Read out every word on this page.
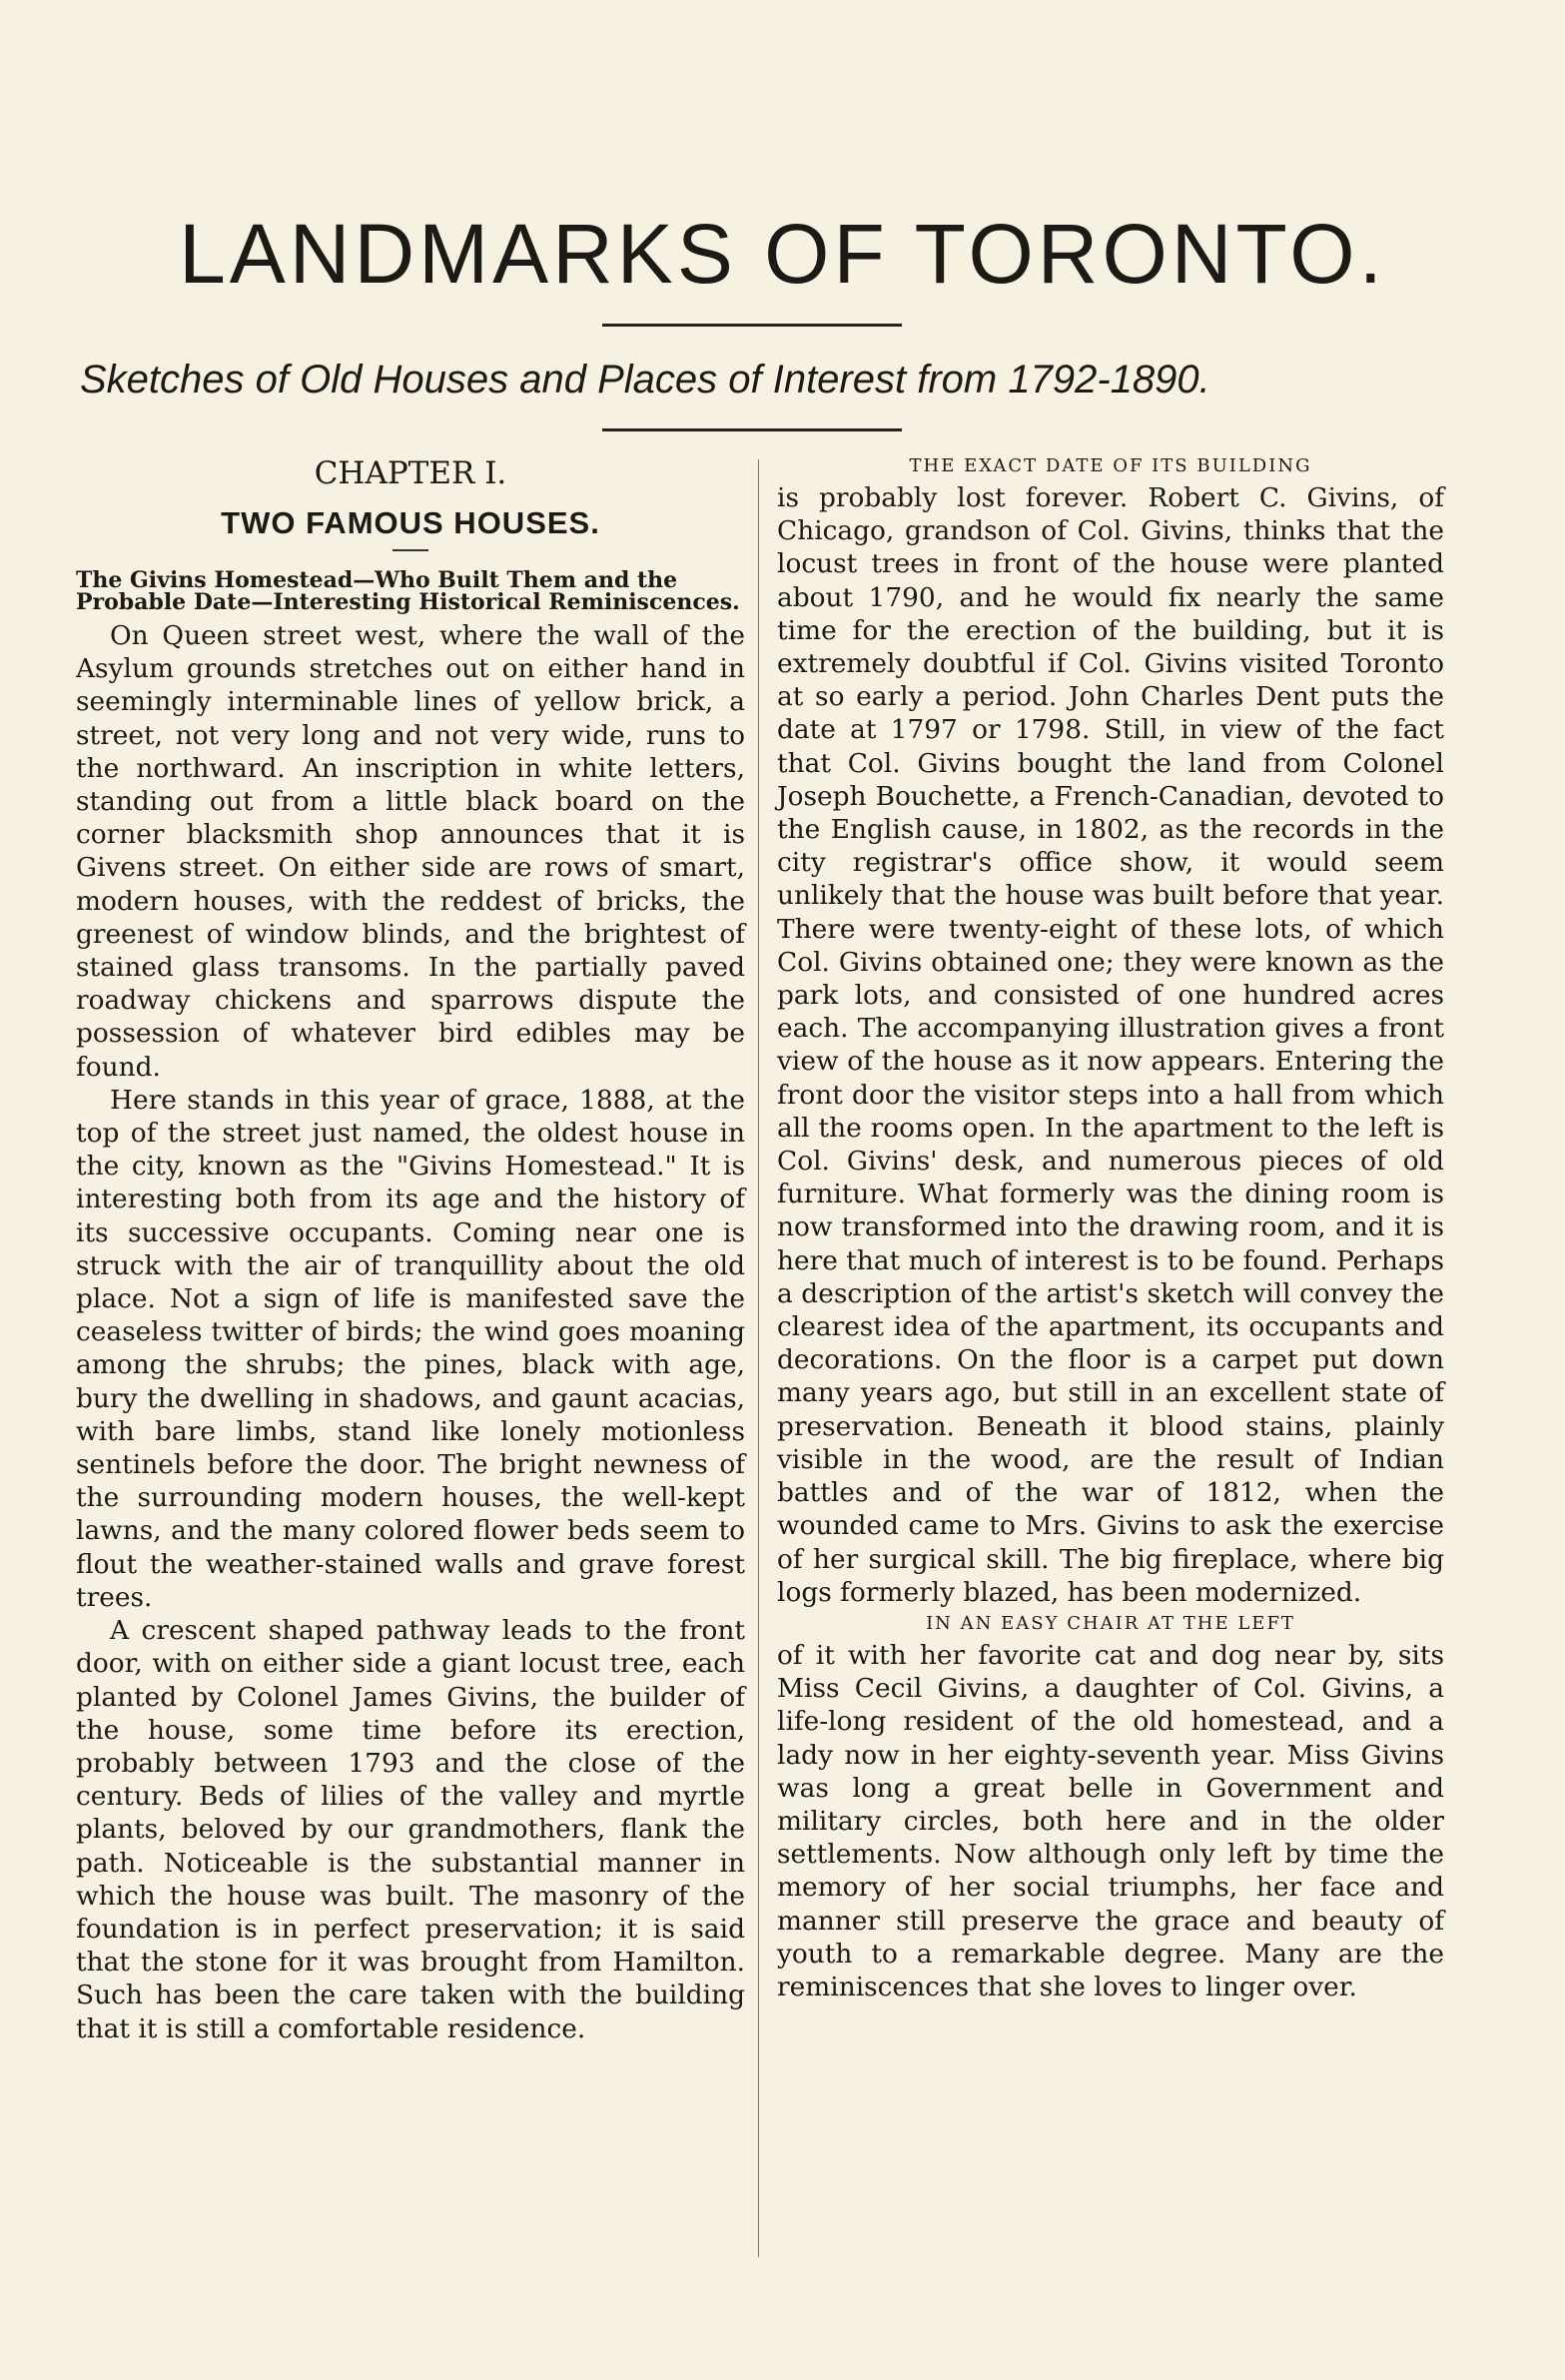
LANDMARKS OF TORONTO.
Sketches of Old Houses and Places of Interest from 1792-1890.
CHAPTER I.
TWO FAMOUS HOUSES.

The Givins Homestead—Who Built Them and the Probable Date—Interesting Historical Reminiscences.

On Queen street west, where the wall of the Asylum grounds stretches out on either hand in seemingly interminable lines of yellow brick, a street, not very long and not very wide, runs to the northward. An inscription in white letters, standing out from a little black board on the corner blacksmith shop announces that it is Givens street. On either side are rows of smart, modern houses, with the reddest of bricks, the greenest of window blinds, and the brightest of stained glass transoms. In the partially paved roadway chickens and sparrows dispute the possession of whatever bird edibles may be found.

Here stands in this year of grace, 1888, at the top of the street just named, the oldest house in the city, known as the "Givins Homestead." It is interesting both from its age and the history of its successive occupants. Coming near one is struck with the air of tranquillity about the old place. Not a sign of life is manifested save the ceaseless twitter of birds; the wind goes moaning among the shrubs; the pines, black with age, bury the dwelling in shadows, and gaunt acacias, with bare limbs, stand like lonely motionless sentinels before the door. The bright newness of the surrounding modern houses, the well-kept lawns, and the many colored flower beds seem to flout the weather-stained walls and grave forest trees.

A crescent shaped pathway leads to the front door, with on either side a giant locust tree, each planted by Colonel James Givins, the builder of the house, some time before its erection, probably between 1793 and the close of the century. Beds of lilies of the valley and myrtle plants, beloved by our grandmothers, flank the path. Noticeable is the substantial manner in which the house was built. The masonry of the foundation is in perfect preservation; it is said that the stone for it was brought from Hamilton. Such has been the care taken with the building that it is still a comfortable residence.

THE EXACT DATE OF ITS BUILDING

is probably lost forever. Robert C. Givins, of Chicago, grandson of Col. Givins, thinks that the locust trees in front of the house were planted about 1790, and he would fix nearly the same time for the erection of the building, but it is extremely doubtful if Col. Givins visited Toronto at so early a period. John Charles Dent puts the date at 1797 or 1798. Still, in view of the fact that Col. Givins bought the land from Colonel Joseph Bouchette, a French-Canadian, devoted to the English cause, in 1802, as the records in the city registrar's office show, it would seem unlikely that the house was built before that year. There were twenty-eight of these lots, of which Col. Givins obtained one; they were known as the park lots, and consisted of one hundred acres each. The accompanying illustration gives a front view of the house as it now appears. Entering the front door the visitor steps into a hall from which all the rooms open. In the apartment to the left is Col. Givins' desk, and numerous pieces of old furniture. What formerly was the dining room is now transformed into the drawing room, and it is here that much of interest is to be found. Perhaps a description of the artist's sketch will convey the clearest idea of the apartment, its occupants and decorations. On the floor is a carpet put down many years ago, but still in an excellent state of preservation. Beneath it blood stains, plainly visible in the wood, are the result of Indian battles and of the war of 1812, when the wounded came to Mrs. Givins to ask the exercise of her surgical skill. The big fireplace, where big logs formerly blazed, has been modernized.

IN AN EASY CHAIR AT THE LEFT

of it with her favorite cat and dog near by, sits Miss Cecil Givins, a daughter of Col. Givins, a life-long resident of the old homestead, and a lady now in her eighty-seventh year. Miss Givins was long a great belle in Government and military circles, both here and in the older settlements. Now although only left by time the memory of her social triumphs, her face and manner still preserve the grace and beauty of youth to a remarkable degree. Many are the reminiscences that she loves to linger over.
